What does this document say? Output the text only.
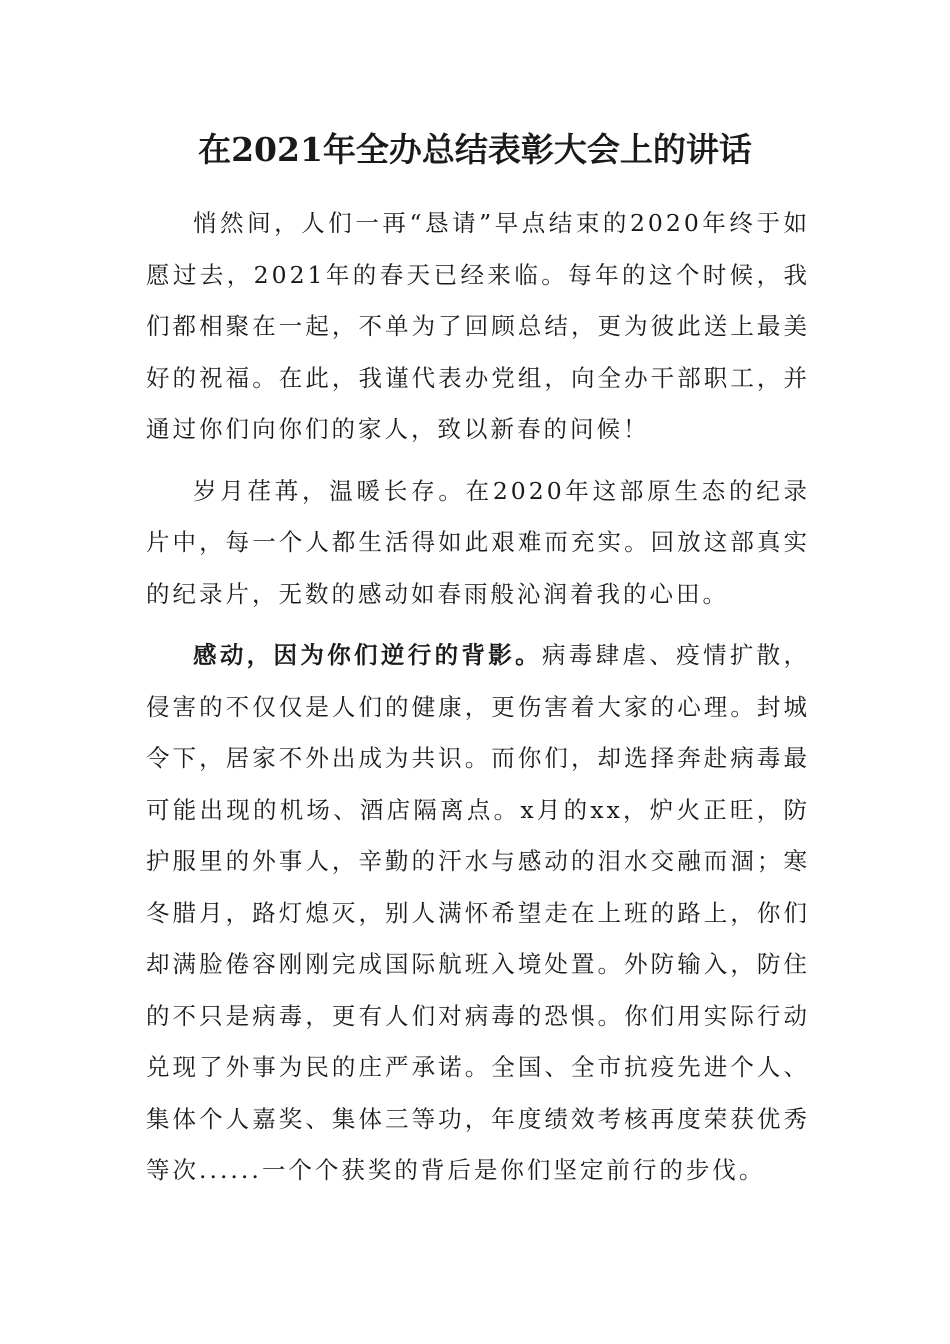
在2021年全办总结表彰大会上的讲话

悄然间，人们一再“恳请”早点结束的2020年终于如愿过去，2021年的春天已经来临。每年的这个时候，我们都相聚在一起，不单为了回顾总结，更为彼此送上最美好的祝福。在此，我谨代表办党组，向全办干部职工，并通过你们向你们的家人，致以新春的问候！

岁月荏苒，温暖长存。在2020年这部原生态的纪录片中，每一个人都生活得如此艰难而充实。回放这部真实的纪录片，无数的感动如春雨般沁润着我的心田。

感动，因为你们逆行的背影。病毒肆虐、疫情扩散，侵害的不仅仅是人们的健康，更伤害着大家的心理。封城令下，居家不外出成为共识。而你们，却选择奔赴病毒最可能出现的机场、酒店隔离点。x月的xx，炉火正旺，防护服里的外事人，辛勤的汗水与感动的泪水交融而涸；寒冬腊月，路灯熄灭，别人满怀希望走在上班的路上，你们却满脸倦容刚刚完成国际航班入境处置。外防输入，防住的不只是病毒，更有人们对病毒的恐惧。你们用实际行动兑现了外事为民的庄严承诺。全国、全市抗疫先进个人、集体个人嘉奖、集体三等功，年度绩效考核再度荣获优秀等次......一个个获奖的背后是你们坚定前行的步伐。
